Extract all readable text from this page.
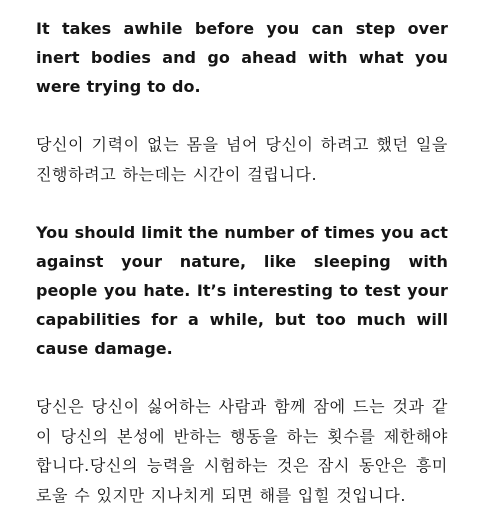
It takes awhile before you can step over inert bodies and go ahead with what you were trying to do.

당신이 기력이 없는 몸을 넘어 당신이 하려고 했던 일을 진행하려고 하는데는 시간이 걸립니다.

You should limit the number of times you act against your nature, like sleeping with people you hate. It’s interesting to test your capabilities for a while, but too much will cause damage.

당신은 당신이 싫어하는 사람과 함께 잠에 드는 것과 같이 당신의 본성에 반하는 행동을 하는 횟수를 제한해야 합니다.당신의 능력을 시험하는 것은 잠시 동안은 흥미로울 수 있지만 지나치게 되면 해를 입힐 것입니다.
